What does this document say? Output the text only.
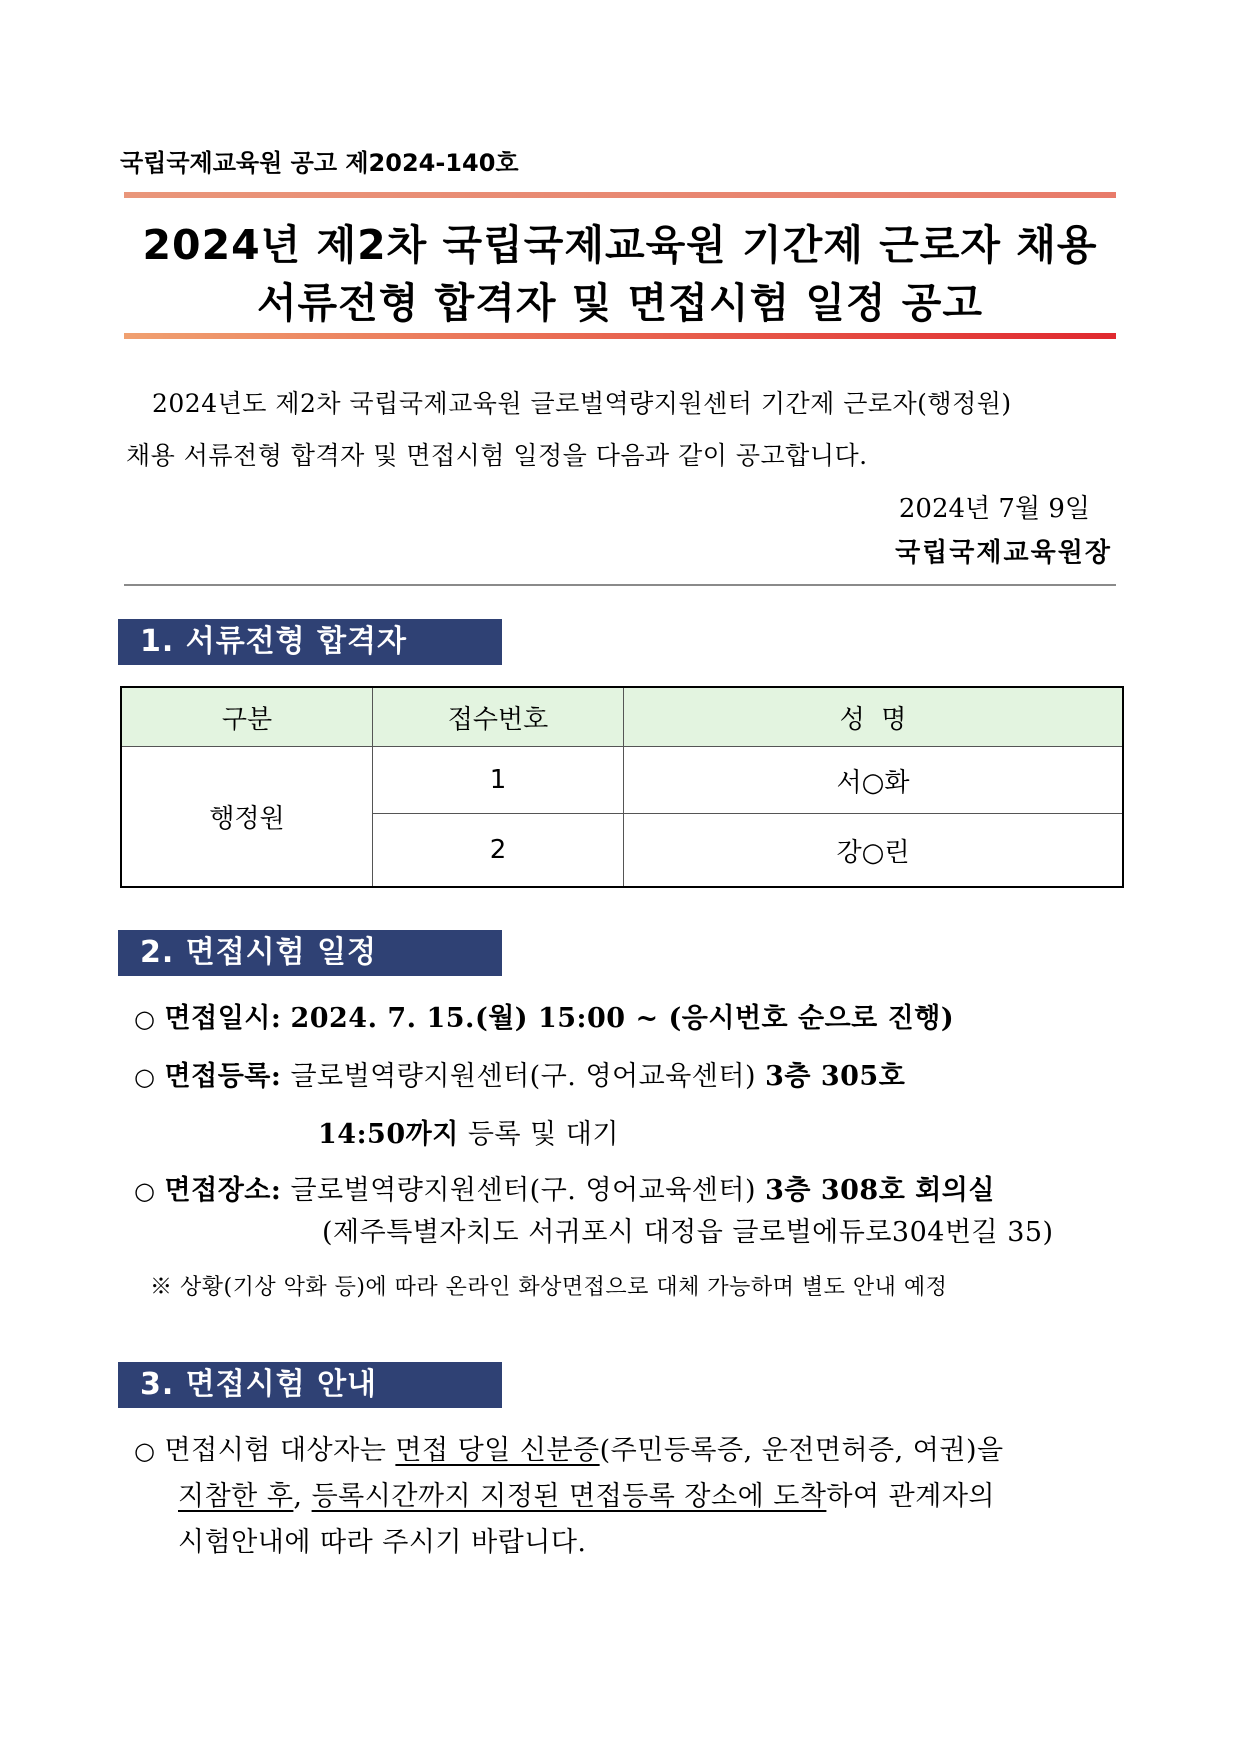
국립국제교육원 공고 제2024-140호
2024년 제2차 국립국제교육원 기간제 근로자 채용
서류전형 합격자 및 면접시험 일정 공고
2024년도 제2차 국립국제교육원 글로벌역량지원센터 기간제 근로자(행정원)
채용 서류전형 합격자 및 면접시험 일정을 다음과 같이 공고합니다.
2024년 7월 9일
국립국제교육원장
1. 서류전형 합격자
구분	접수번호	성  명
행정원	1	서○화
	2	강○린
2. 면접시험 일정
○ 면접일시: 2024. 7. 15.(월) 15:00 ~ (응시번호 순으로 진행)
○ 면접등록: 글로벌역량지원센터(구. 영어교육센터) 3층 305호
14:50까지 등록 및 대기
○ 면접장소: 글로벌역량지원센터(구. 영어교육센터) 3층 308호 회의실
(제주특별자치도 서귀포시 대정읍 글로벌에듀로304번길 35)
※ 상황(기상 악화 등)에 따라 온라인 화상면접으로 대체 가능하며 별도 안내 예정
3. 면접시험 안내
○ 면접시험 대상자는 면접 당일 신분증(주민등록증, 운전면허증, 여권)을
지참한 후, 등록시간까지 지정된 면접등록 장소에 도착하여 관계자의
시험안내에 따라 주시기 바랍니다.
